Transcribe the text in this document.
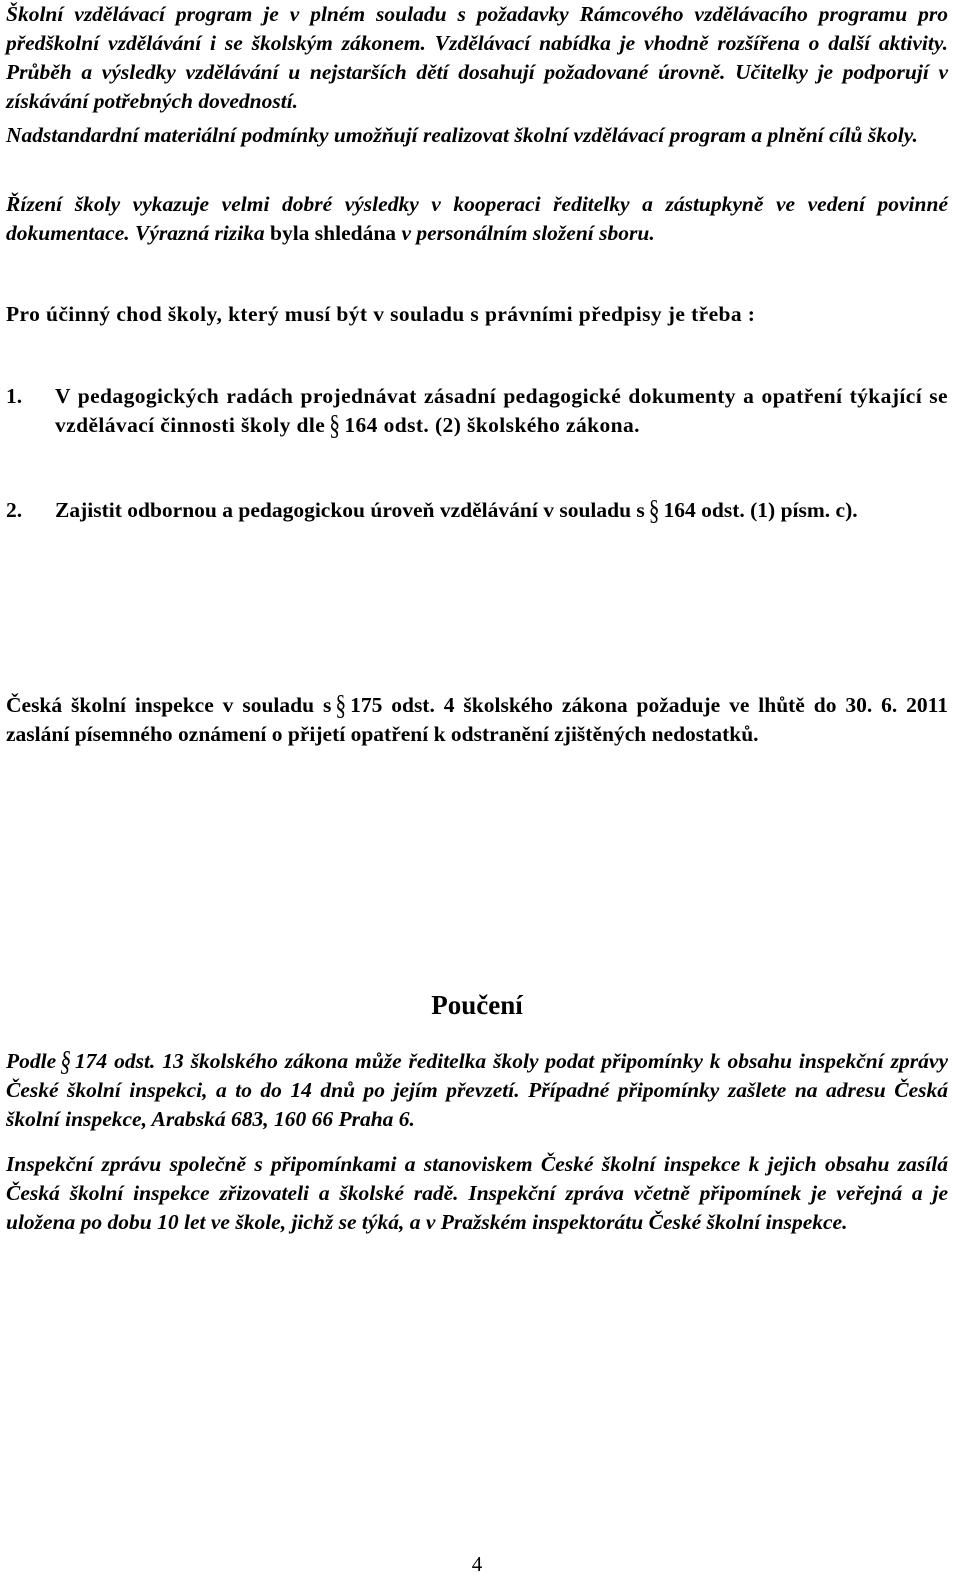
Školní vzdělávací program je v plném souladu s požadavky Rámcového vzdělávacího programu pro předškolní vzdělávání i se školským zákonem. Vzdělávací nabídka je vhodně rozšířena o další aktivity. Průběh a výsledky vzdělávání u nejstarších dětí dosahují požadované úrovně. Učitelky je podporují v získávání potřebných dovedností.

Nadstandardní materiální podmínky umožňují realizovat školní vzdělávací program a plnění cílů školy.

Řízení školy vykazuje velmi dobré výsledky v kooperaci ředitelky a zástupkyně ve vedení povinné dokumentace. Výrazná rizika byla shledána v personálním složení sboru.

Pro účinný chod školy, který musí být v souladu s právními předpisy je třeba :

1. V pedagogických radách projednávat zásadní pedagogické dokumenty a opatření týkající se vzdělávací činnosti školy dle § 164 odst. (2) školského zákona.

2. Zajistit odbornou a pedagogickou úroveň vzdělávání v souladu s § 164 odst. (1) písm. c).

Česká školní inspekce v souladu s § 175 odst. 4 školského zákona požaduje ve lhůtě do 30. 6. 2011 zaslání písemného oznámení o přijetí opatření k odstranění zjištěných nedostatků.

Poučení

Podle § 174 odst. 13 školského zákona může ředitelka školy podat připomínky k obsahu inspekční zprávy České školní inspekci, a to do 14 dnů po jejím převzetí. Případné připomínky zašlete na adresu Česká školní inspekce, Arabská 683, 160 66 Praha 6.

Inspekční zprávu společně s připomínkami a stanoviskem České školní inspekce k jejich obsahu zasílá Česká školní inspekce zřizovateli a školské radě. Inspekční zpráva včetně připomínek je veřejná a je uložena po dobu 10 let ve škole, jichž se týká, a v Pražském inspektorátu České školní inspekce.

4
